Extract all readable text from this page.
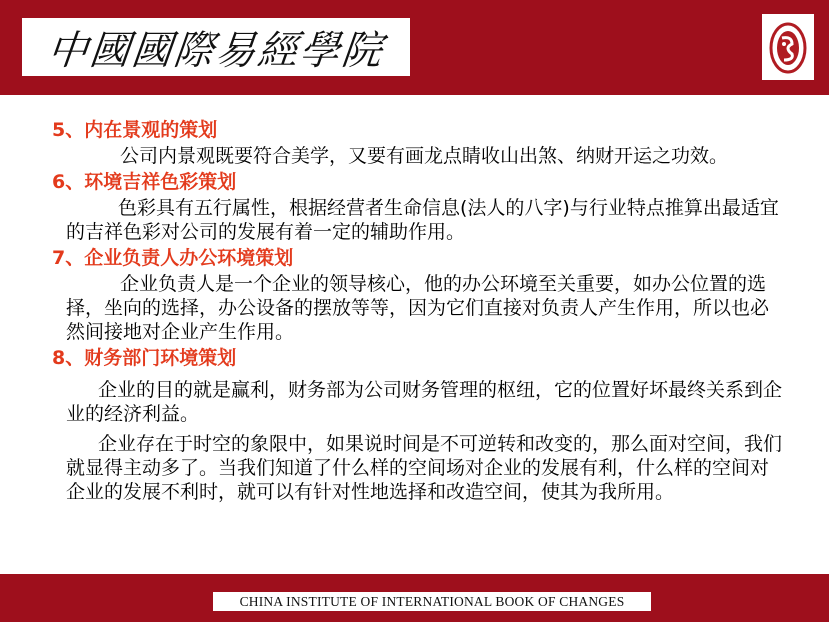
中國國際易經學院
5、内在景观的策划
公司内景观既要符合美学，又要有画龙点睛收山出煞、纳财开运之功效。
6、环境吉祥色彩策划
色彩具有五行属性，根据经营者生命信息(法人的八字)与行业特点推算出最适宜的吉祥色彩对公司的发展有着一定的辅助作用。
7、企业负责人办公环境策划
企业负责人是一个企业的领导核心，他的办公环境至关重要，如办公位置的选择，坐向的选择，办公设备的摆放等等，因为它们直接对负责人产生作用，所以也必然间接地对企业产生作用。
8、财务部门环境策划
企业的目的就是赢利，财务部为公司财务管理的枢纽，它的位置好坏最终关系到企业的经济利益。
企业存在于时空的象限中，如果说时间是不可逆转和改变的，那么面对空间，我们就显得主动多了。当我们知道了什么样的空间场对企业的发展有利，什么样的空间对企业的发展不利时，就可以有针对性地选择和改造空间，使其为我所用。
CHINA INSTITUTE OF INTERNATIONAL BOOK OF CHANGES
